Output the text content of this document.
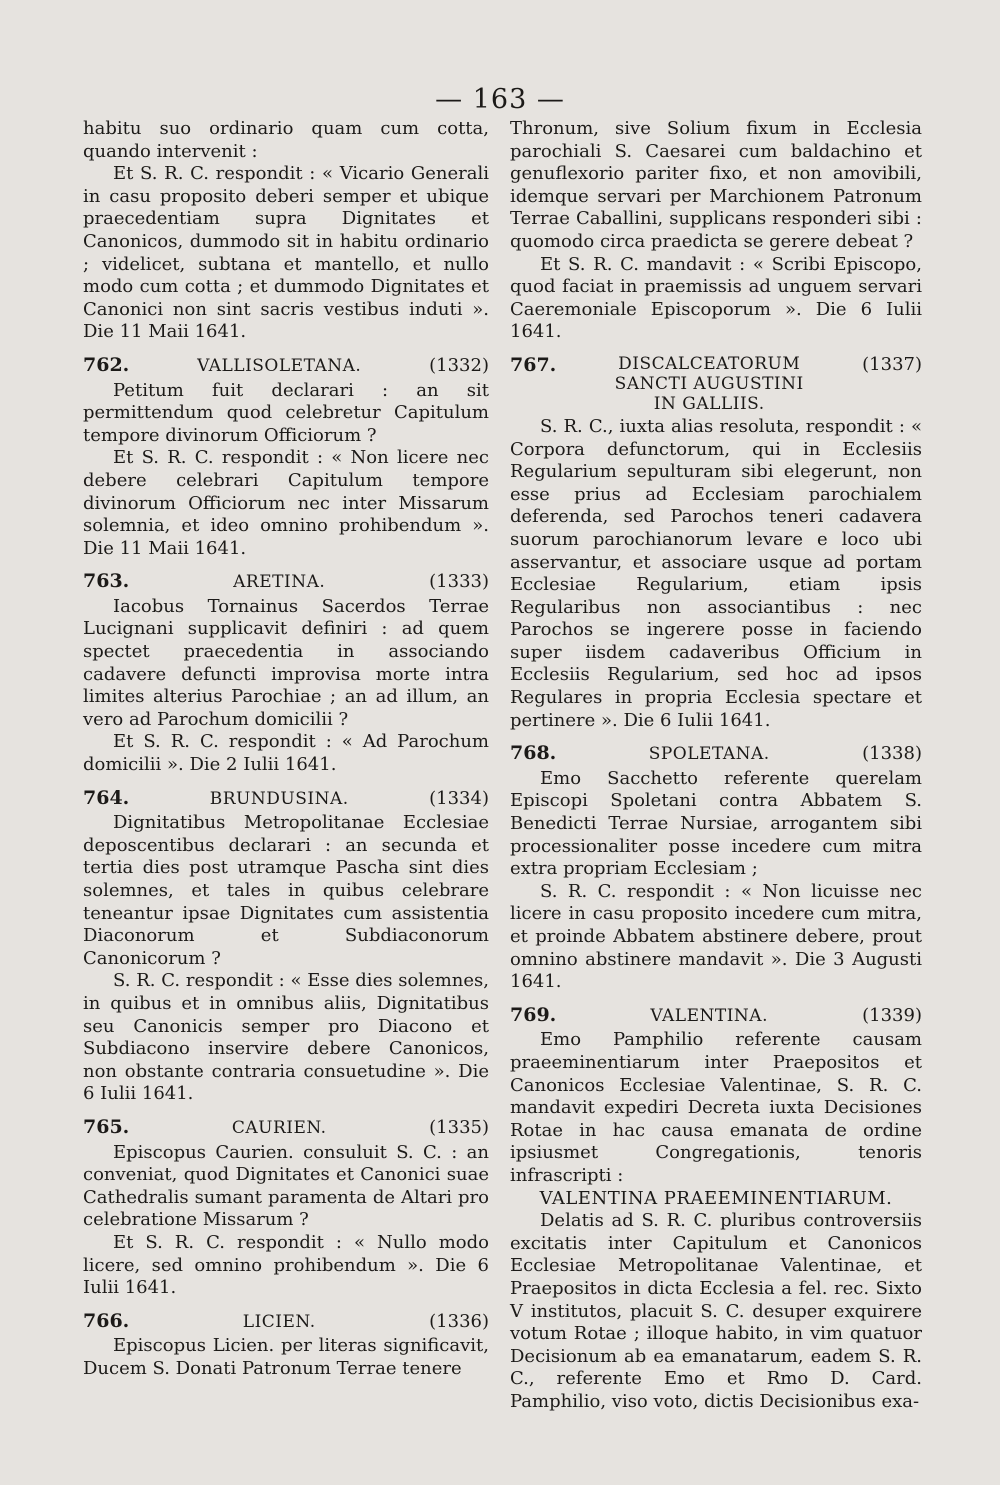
— 163 —

habitu suo ordinario quam cum cotta, quando intervenit :

Et S. R. C. respondit : « Vicario Generali in casu proposito deberi semper et ubique praecedentiam supra Dignitates et Canonicos, dummodo sit in habitu ordinario ; videlicet, subtana et mantello, et nullo modo cum cotta ; et dummodo Dignitates et Canonici non sint sacris vestibus induti ». Die 11 Maii 1641.

762.	VALLISOLETANA.	(1332)

Petitum fuit declarari : an sit permittendum quod celebretur Capitulum tempore divinorum Officiorum ?

Et S. R. C. respondit : « Non licere nec debere celebrari Capitulum tempore divinorum Officiorum nec inter Missarum solemnia, et ideo omnino prohibendum ». Die 11 Maii 1641.

763.	ARETINA.	(1333)

Iacobus Tornainus Sacerdos Terrae Lucignani supplicavit definiri : ad quem spectet praecedentia in associando cadavere defuncti improvisa morte intra limites alterius Parochiae ; an ad illum, an vero ad Parochum domicilii ?

Et S. R. C. respondit : « Ad Parochum domicilii ». Die 2 Iulii 1641.

764.	BRUNDUSINA.	(1334)

Dignitatibus Metropolitanae Ecclesiae deposcentibus declarari : an secunda et tertia dies post utramque Pascha sint dies solemnes, et tales in quibus celebrare teneantur ipsae Dignitates cum assistentia Diaconorum et Subdiaconorum Canonicorum ?

S. R. C. respondit : « Esse dies solemnes, in quibus et in omnibus aliis, Dignitatibus seu Canonicis semper pro Diacono et Subdiacono inservire debere Canonicos, non obstante contraria consuetudine ». Die 6 Iulii 1641.

765.	CAURIEN.	(1335)

Episcopus Caurien. consuluit S. C. : an conveniat, quod Dignitates et Canonici suae Cathedralis sumant paramenta de Altari pro celebratione Missarum ?

Et S. R. C. respondit : « Nullo modo licere, sed omnino prohibendum ». Die 6 Iulii 1641.

766.	LICIEN.	(1336)

Episcopus Licien. per literas significavit, Ducem S. Donati Patronum Terrae tenere

Thronum, sive Solium fixum in Ecclesia parochiali S. Caesarei cum baldachino et genuflexorio pariter fixo, et non amovibili, idemque servari per Marchionem Patronum Terrae Caballini, supplicans responderi sibi : quomodo circa praedicta se gerere debeat ?

Et S. R. C. mandavit : « Scribi Episcopo, quod faciat in praemissis ad unguem servari Caeremoniale Episcoporum ». Die 6 Iulii 1641.

767.	DISCALCEATORUM
SANCTI AUGUSTINI
IN GALLIIS.
(1337)

S. R. C., iuxta alias resoluta, respondit : « Corpora defunctorum, qui in Ecclesiis Regularium sepulturam sibi elegerunt, non esse prius ad Ecclesiam parochialem deferenda, sed Parochos teneri cadavera suorum parochianorum levare e loco ubi asservantur, et associare usque ad portam Ecclesiae Regularium, etiam ipsis Regularibus non associantibus : nec Parochos se ingerere posse in faciendo super iisdem cadaveribus Officium in Ecclesiis Regularium, sed hoc ad ipsos Regulares in propria Ecclesia spectare et pertinere ». Die 6 Iulii 1641.

768.	SPOLETANA.	(1338)

Emo Sacchetto referente querelam Episcopi Spoletani contra Abbatem S. Benedicti Terrae Nursiae, arrogantem sibi processionaliter posse incedere cum mitra extra propriam Ecclesiam ;

S. R. C. respondit : « Non licuisse nec licere in casu proposito incedere cum mitra, et proinde Abbatem abstinere debere, prout omnino abstinere mandavit ». Die 3 Augusti 1641.

769.	VALENTINA.	(1339)

Emo Pamphilio referente causam praeeminentiarum inter Praepositos et Canonicos Ecclesiae Valentinae, S. R. C. mandavit expediri Decreta iuxta Decisiones Rotae in hac causa emanata de ordine ipsiusmet Congregationis, tenoris infrascripti :

VALENTINA PRAEEMINENTIARUM.

Delatis ad S. R. C. pluribus controversiis excitatis inter Capitulum et Canonicos Ecclesiae Metropolitanae Valentinae, et Praepositos in dicta Ecclesia a fel. rec. Sixto V institutos, placuit S. C. desuper exquirere votum Rotae ; illoque habito, in vim quatuor Decisionum ab ea emanatarum, eadem S. R. C., referente Emo et Rmo D. Card. Pamphilio, viso voto, dictis Decisionibus exa-
